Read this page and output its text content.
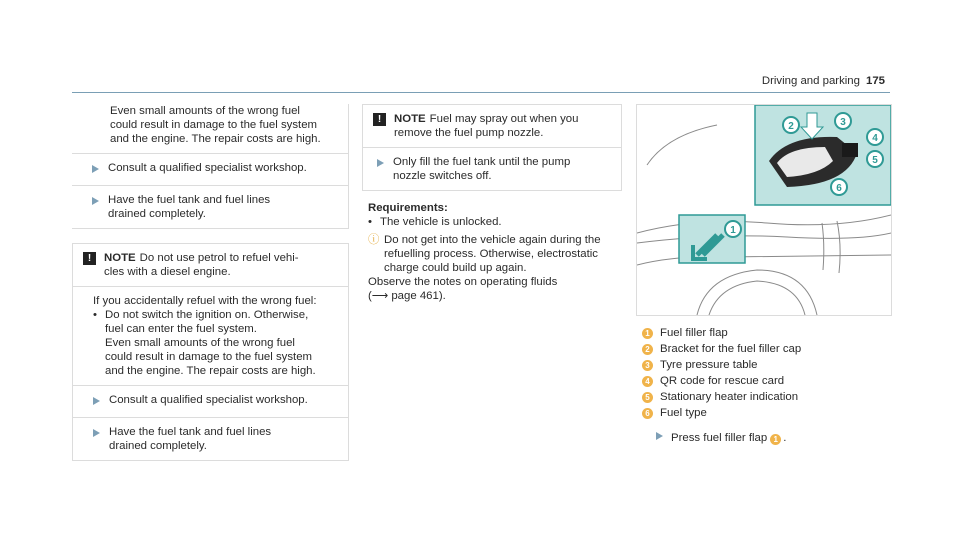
Driving and parking 175
Even small amounts of the wrong fuel
could result in damage to the fuel system
and the engine. The repair costs are high.
Consult a qualified specialist workshop.
Have the fuel tank and fuel lines
drained completely.
!	NOTE Do not use petrol to refuel vehi-
cles with a diesel engine.
If you accidentally refuel with the wrong fuel:
• Do not switch the ignition on. Otherwise,
fuel can enter the fuel system.
Even small amounts of the wrong fuel
could result in damage to the fuel system
and the engine. The repair costs are high.
Consult a qualified specialist workshop.
Have the fuel tank and fuel lines
drained completely.
!	NOTE Fuel may spray out when you
remove the fuel pump nozzle.
Only fill the fuel tank until the pump
nozzle switches off.
Requirements:
• The vehicle is unlocked.
ⓘ Do not get into the vehicle again during the
refuelling process. Otherwise, electrostatic
charge could build up again.
Observe the notes on operating fluids
(⟶ page 461).
2	3
4
5
6
1
1 Fuel filler flap
2 Bracket for the fuel filler cap
3 Tyre pressure table
4 QR code for rescue card
5 Stationary heater indication
6 Fuel type
Press fuel filler flap 1 .
